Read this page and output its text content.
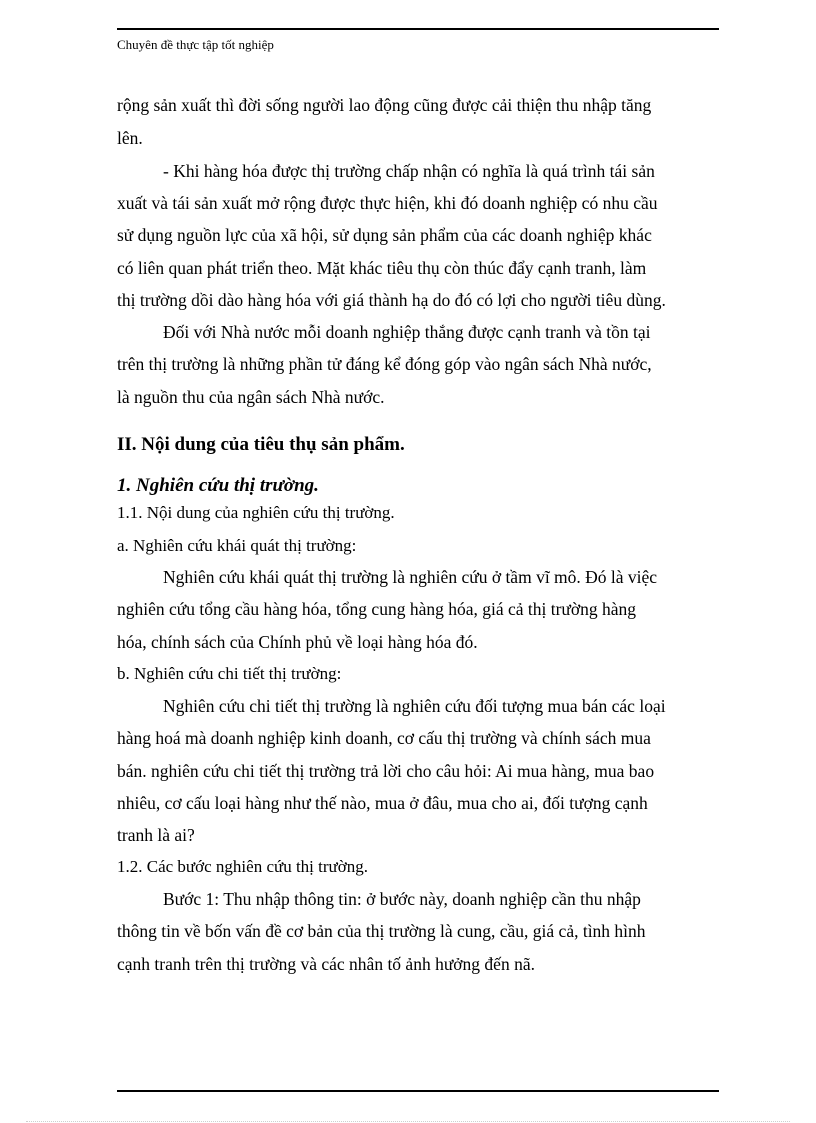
Chuyên đề thực tập tốt nghiệp
rộng sản xuất thì đời sống người lao động cũng được cải thiện thu nhập tăng
lên.
- Khi hàng hóa được thị trường chấp nhận có nghĩa là quá trình tái sản
xuất và tái sản xuất mở rộng được thực hiện, khi đó doanh nghiệp có nhu cầu
sử dụng nguồn lực của xã hội, sử dụng sản phẩm của các doanh nghiệp khác
có liên quan phát triển theo. Mặt khác tiêu thụ còn thúc đẩy cạnh tranh, làm
thị trường dồi dào hàng hóa với giá thành hạ do đó có lợi cho người tiêu dùng.
Đối với Nhà nước mỗi doanh nghiệp thắng được cạnh tranh và tồn tại
trên thị trường là những phần tử đáng kể đóng góp vào ngân sách Nhà nước,
là nguồn thu của ngân sách Nhà nước.
II. Nội dung của tiêu thụ sản phẩm.
1. Nghiên cứu thị trường.
1.1. Nội dung của nghiên cứu thị trường.
a. Nghiên cứu khái quát thị trường:
Nghiên cứu khái quát thị trường là nghiên cứu ở tầm vĩ mô. Đó là việc
nghiên cứu tổng cầu hàng hóa, tổng cung hàng hóa, giá cả thị trường hàng
hóa, chính sách của Chính phủ về loại hàng hóa đó.
b. Nghiên cứu chi tiết thị trường:
Nghiên cứu chi tiết thị trường là nghiên cứu đối tượng mua bán các loại
hàng hoá mà doanh nghiệp kinh doanh, cơ cấu thị trường và chính sách mua
bán. nghiên cứu chi tiết thị trường trả lời cho câu hỏi: Ai mua hàng, mua bao
nhiêu, cơ cấu loại hàng như thế nào, mua ở đâu, mua cho ai, đối tượng cạnh
tranh là ai?
1.2. Các bước nghiên cứu thị trường.
Bước 1: Thu nhập thông tin: ở bước này, doanh nghiệp cần thu nhập
thông tin về bốn vấn đề cơ bản của thị trường là cung, cầu, giá cả, tình hình
cạnh tranh trên thị trường và các nhân tố ảnh hưởng đến nã.
